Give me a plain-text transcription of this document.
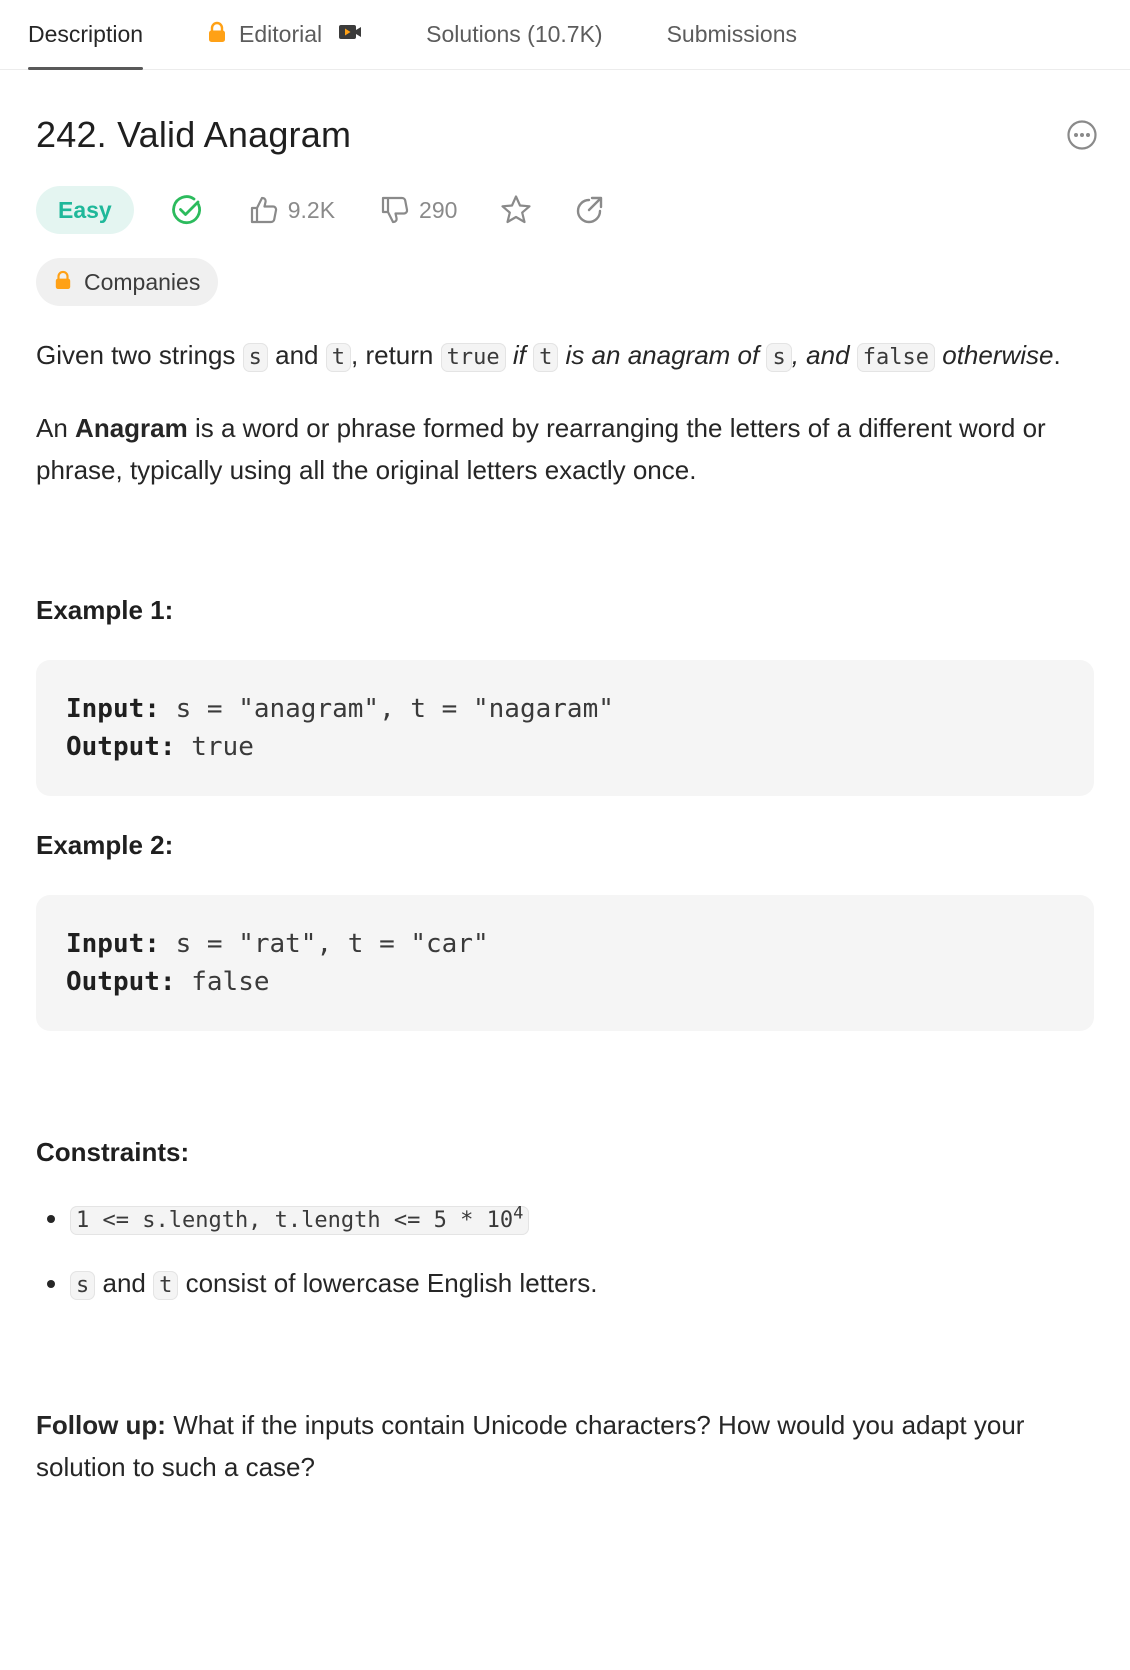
Description	Editorial	Solutions (10.7K)	Submissions
242. Valid Anagram
Easy	9.2K	290
Companies

Given two strings s and t , return true if t is an anagram of s , and false otherwise.

An Anagram is a word or phrase formed by rearranging the letters of a different word or phrase, typically using all the original letters exactly once.

Example 1:
Input: s = "anagram", t = "nagaram"
Output: true
Example 2:
Input: s = "rat", t = "car"
Output: false
Constraints:
• 1 <= s.length, t.length <= $5 * 10^4$
• s and t consist of lowercase English letters.

Follow up: What if the inputs contain Unicode characters? How would you adapt your solution to such a case?
